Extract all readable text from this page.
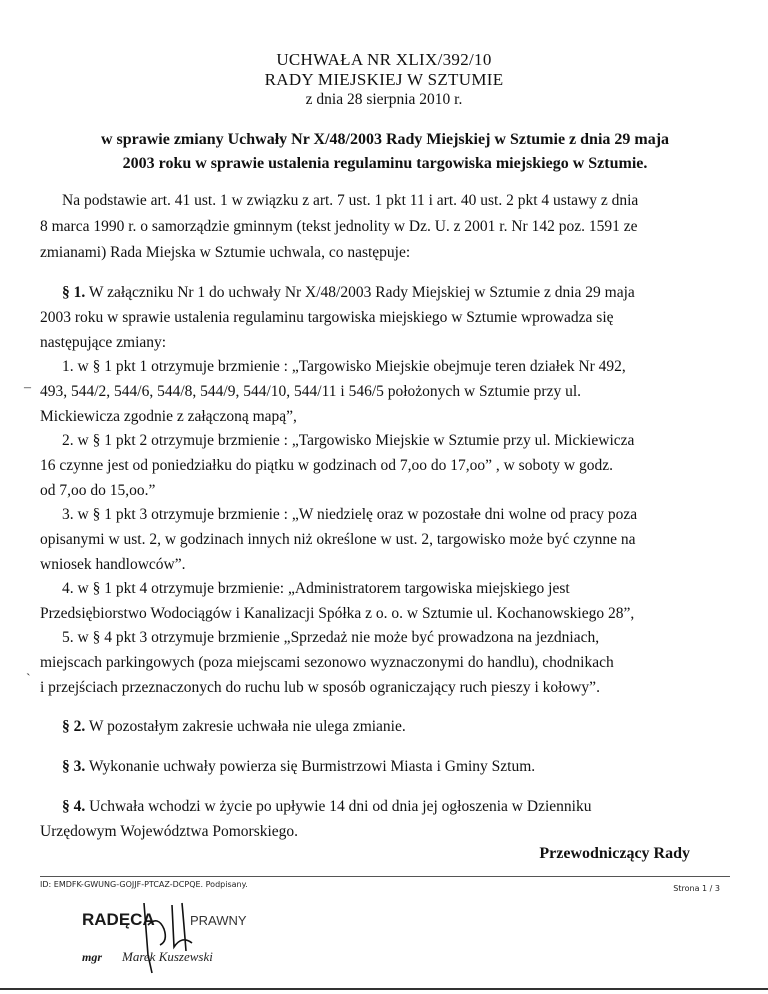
UCHWAŁA NR XLIX/392/10
RADY MIEJSKIEJ W SZTUMIE
z dnia 28 sierpnia 2010 r.
w sprawie zmiany Uchwały Nr X/48/2003 Rady Miejskiej w Sztumie z dnia 29 maja
2003 roku w sprawie ustalenia regulaminu targowiska miejskiego w Sztumie.
Na podstawie art. 41 ust. 1 w związku z art. 7 ust. 1 pkt 11 i art. 40 ust. 2 pkt 4 ustawy z dnia
8 marca 1990 r. o samorządzie gminnym (tekst jednolity w Dz. U. z 2001 r. Nr 142 poz. 1591 ze
zmianami) Rada Miejska w Sztumie uchwala, co następuje:
§ 1. W załączniku Nr 1 do uchwały Nr X/48/2003 Rady Miejskiej w Sztumie z dnia 29 maja
2003 roku w sprawie ustalenia regulaminu targowiska miejskiego w Sztumie wprowadza się
następujące zmiany:
1. w § 1 pkt 1 otrzymuje brzmienie : „Targowisko Miejskie obejmuje teren działek Nr 492,
493, 544/2, 544/6, 544/8, 544/9, 544/10, 544/11 i 546/5 położonych w Sztumie przy ul.
Mickiewicza zgodnie z załączoną mapą”,
2. w § 1 pkt 2 otrzymuje brzmienie : „Targowisko Miejskie w Sztumie przy ul. Mickiewicza
16 czynne jest od poniedziałku do piątku w godzinach od 7,oo do 17,oo” , w soboty w godz.
od 7,oo do 15,oo.”
3. w § 1 pkt 3 otrzymuje brzmienie : „W niedzielę oraz w pozostałe dni wolne od pracy poza
opisanymi w ust. 2, w godzinach innych niż określone w ust. 2, targowisko może być czynne na
wniosek handlowców”.
4. w § 1 pkt 4 otrzymuje brzmienie: „Administratorem targowiska miejskiego jest
Przedsiębiorstwo Wodociągów i Kanalizacji Spółka z o. o. w Sztumie ul. Kochanowskiego 28”,
5. w § 4 pkt 3 otrzymuje brzmienie „Sprzedaż nie może być prowadzona na jezdniach,
miejscach parkingowych (poza miejscami sezonowo wyznaczonymi do handlu), chodnikach
i przejściach przeznaczonych do ruchu lub w sposób ograniczający ruch pieszy i kołowy”.
§ 2. W pozostałym zakresie uchwała nie ulega zmianie.
§ 3. Wykonanie uchwały powierza się Burmistrzowi Miasta i Gminy Sztum.
§ 4. Uchwała wchodzi w życie po upływie 14 dni od dnia jej ogłoszenia w Dzienniku
Urzędowym Województwa Pomorskiego.
–
ˋ
Przewodniczący Rady
ID: EMDFK-GWUNG-GOJJF-PTCAZ-DCPQE. Podpisany.	Strona 1 / 3
RADĘCA	PRAWNY
mgr Marek Kuszewski
